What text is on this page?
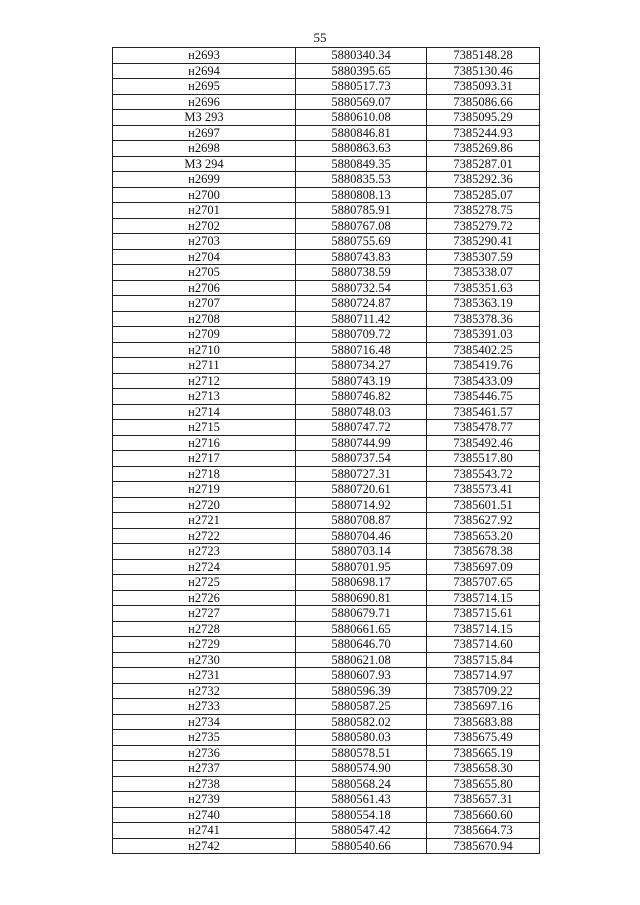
55
н2693	5880340.34	7385148.28
н2694	5880395.65	7385130.46
н2695	5880517.73	7385093.31
н2696	5880569.07	7385086.66
МЗ 293	5880610.08	7385095.29
н2697	5880846.81	7385244.93
н2698	5880863.63	7385269.86
МЗ 294	5880849.35	7385287.01
н2699	5880835.53	7385292.36
н2700	5880808.13	7385285.07
н2701	5880785.91	7385278.75
н2702	5880767.08	7385279.72
н2703	5880755.69	7385290.41
н2704	5880743.83	7385307.59
н2705	5880738.59	7385338.07
н2706	5880732.54	7385351.63
н2707	5880724.87	7385363.19
н2708	5880711.42	7385378.36
н2709	5880709.72	7385391.03
н2710	5880716.48	7385402.25
н2711	5880734.27	7385419.76
н2712	5880743.19	7385433.09
н2713	5880746.82	7385446.75
н2714	5880748.03	7385461.57
н2715	5880747.72	7385478.77
н2716	5880744.99	7385492.46
н2717	5880737.54	7385517.80
н2718	5880727.31	7385543.72
н2719	5880720.61	7385573.41
н2720	5880714.92	7385601.51
н2721	5880708.87	7385627.92
н2722	5880704.46	7385653.20
н2723	5880703.14	7385678.38
н2724	5880701.95	7385697.09
н2725	5880698.17	7385707.65
н2726	5880690.81	7385714.15
н2727	5880679.71	7385715.61
н2728	5880661.65	7385714.15
н2729	5880646.70	7385714.60
н2730	5880621.08	7385715.84
н2731	5880607.93	7385714.97
н2732	5880596.39	7385709.22
н2733	5880587.25	7385697.16
н2734	5880582.02	7385683.88
н2735	5880580.03	7385675.49
н2736	5880578.51	7385665.19
н2737	5880574.90	7385658.30
н2738	5880568.24	7385655.80
н2739	5880561.43	7385657.31
н2740	5880554.18	7385660.60
н2741	5880547.42	7385664.73
н2742	5880540.66	7385670.94
